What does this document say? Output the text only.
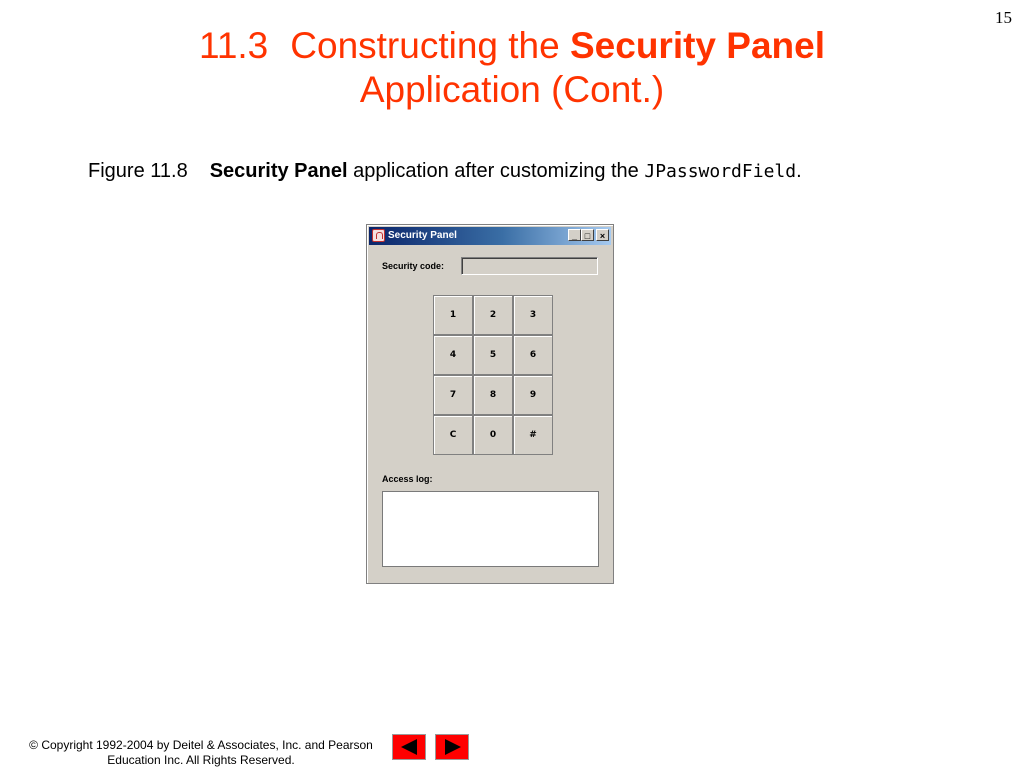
15
11.3 Constructing the Security Panel
Application (Cont.)
Figure 11.8 Security Panel application after customizing the JPasswordField.
Security Panel	_ □	×
Security code:
1	2	3
4	5	6
7	8	9
C	0	#
Access log:
© Copyright 1992-2004 by Deitel & Associates, Inc. and Pearson
Education Inc. All Rights Reserved.
